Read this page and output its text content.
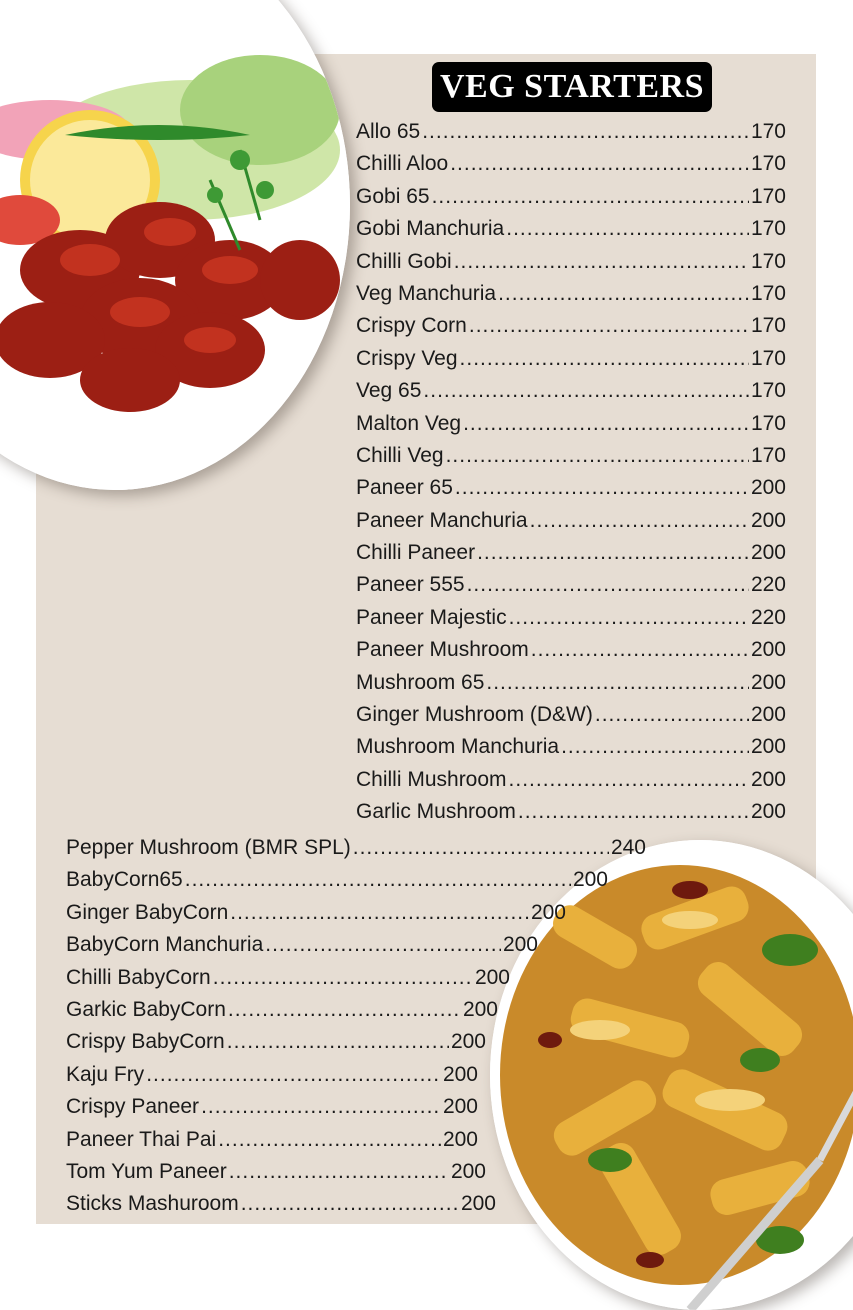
VEG STARTERS
Allo 65 .....	170
Chilli Aloo .....	170
Gobi 65 .....	170
Gobi Manchuria .....	170
Chilli Gobi .....	170
Veg Manchuria .....	170
Crispy Corn .....	170
Crispy Veg .....	170
Veg 65 .....	170
Malton Veg .....	170
Chilli Veg .....	170
Paneer 65 .....	200
Paneer Manchuria .....	200
Chilli Paneer .....	200
Paneer 555 .....	220
Paneer Majestic .....	220
Paneer Mushroom .....	200
Mushroom 65 .....	200
Ginger Mushroom (D&W) .....	200
Mushroom Manchuria .....	200
Chilli Mushroom .....	200
Garlic Mushroom .....	200
Pepper Mushroom (BMR SPL) .....	240
BabyCorn65 .....	200
Ginger BabyCorn .....	200
BabyCorn Manchuria .....	200
Chilli BabyCorn .....	200
Garkic BabyCorn .....	200
Crispy BabyCorn .....	200
Kaju Fry .....	200
Crispy Paneer .....	200
Paneer Thai Pai .....	200
Tom Yum Paneer .....	200
Sticks Mashuroom .....	200
